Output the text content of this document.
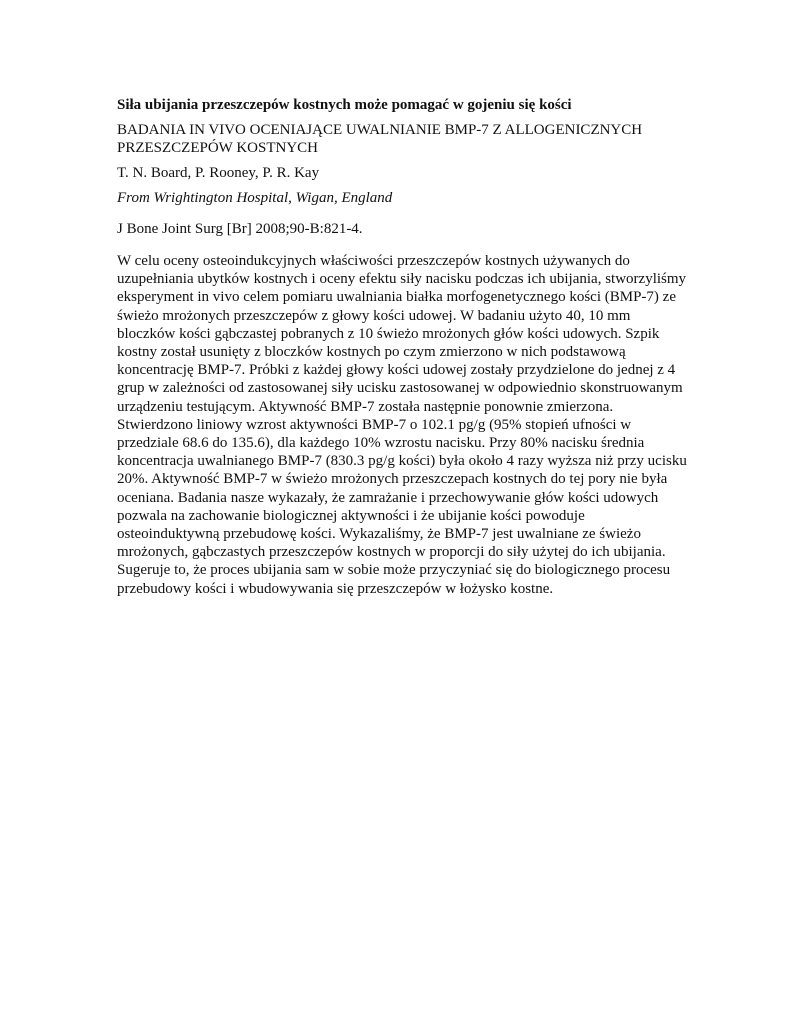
Siła ubijania przeszczepów kostnych może pomagać w gojeniu się kości

BADANIA IN VIVO OCENIAJĄCE UWALNIANIE BMP-7 Z ALLOGENICZNYCH PRZESZCZEPÓW KOSTNYCH

T. N. Board, P. Rooney, P. R. Kay

From Wrightington Hospital, Wigan, England

J Bone Joint Surg [Br] 2008;90-B:821-4.

W celu oceny osteoindukcyjnych właściwości przeszczepów kostnych używanych do uzupełniania ubytków kostnych i oceny efektu siły nacisku podczas ich ubijania, stworzyliśmy eksperyment in vivo celem pomiaru uwalniania białka morfogenetycznego kości (BMP-7) ze świeżo mrożonych przeszczepów z głowy kości udowej. W badaniu użyto 40, 10 mm bloczków kości gąbczastej pobranych z 10 świeżo mrożonych głów kości udowych. Szpik kostny został usunięty z bloczków kostnych po czym zmierzono w nich podstawową koncentrację BMP-7. Próbki z każdej głowy kości udowej zostały przydzielone do jednej z 4 grup w zależności od zastosowanej siły ucisku zastosowanej w odpowiednio skonstruowanym urządzeniu testującym. Aktywność BMP-7 została następnie ponownie zmierzona. Stwierdzono liniowy wzrost aktywności BMP-7 o 102.1 pg/g (95% stopień ufności w przedziale 68.6 do 135.6), dla każdego 10% wzrostu nacisku. Przy 80% nacisku średnia koncentracja uwalnianego BMP-7 (830.3 pg/g kości) była około 4 razy wyższa niż przy ucisku 20%. Aktywność BMP-7 w świeżo mrożonych przeszczepach kostnych do tej pory nie była oceniana. Badania nasze wykazały, że zamrażanie i przechowywanie głów kości udowych pozwala na zachowanie biologicznej aktywności i że ubijanie kości powoduje osteoinduktywną przebudowę kości. Wykazaliśmy, że BMP-7 jest uwalniane ze świeżo mrożonych, gąbczastych przeszczepów kostnych w proporcji do siły użytej do ich ubijania. Sugeruje to, że proces ubijania sam w sobie może przyczyniać się do biologicznego procesu przebudowy kości i wbudowywania się przeszczepów w łożysko kostne.
